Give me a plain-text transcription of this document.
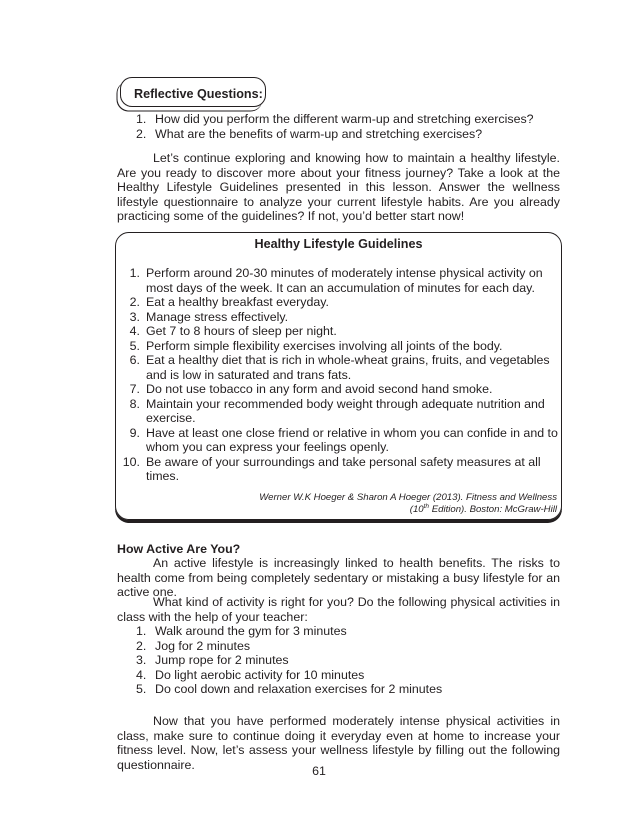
Reflective Questions:
1. How did you perform the different warm-up and stretching exercises?
2. What are the benefits of warm-up and stretching exercises?

Let’s continue exploring and knowing how to maintain a healthy lifestyle. Are you ready to discover more about your fitness journey? Take a look at the Healthy Lifestyle Guidelines presented in this lesson. Answer the wellness lifestyle questionnaire to analyze your current lifestyle habits. Are you already practicing some of the guidelines? If not, you’d better start now!

Healthy Lifestyle Guidelines
1. Perform around 20-30 minutes of moderately intense physical activity on most days of the week. It can an accumulation of minutes for each day.
2. Eat a healthy breakfast everyday.
3. Manage stress effectively.
4. Get 7 to 8 hours of sleep per night.
5. Perform simple flexibility exercises involving all joints of the body.
6. Eat a healthy diet that is rich in whole-wheat grains, fruits, and vegetables and is low in saturated and trans fats.
7. Do not use tobacco in any form and avoid second hand smoke.
8. Maintain your recommended body weight through adequate nutrition and exercise.
9. Have at least one close friend or relative in whom you can confide in and to whom you can express your feelings openly.
10. Be aware of your surroundings and take personal safety measures at all times.
Werner W.K Hoeger & Sharon A Hoeger (2013). Fitness and Wellness
(10th Edition). Boston: McGraw-Hill
How Active Are You?

An active lifestyle is increasingly linked to health benefits. The risks to health come from being completely sedentary or mistaking a busy lifestyle for an active one.

What kind of activity is right for you? Do the following physical activities in class with the help of your teacher:

1. Walk around the gym for 3 minutes
2. Jog for 2 minutes
3. Jump rope for 2 minutes
4. Do light aerobic activity for 10 minutes
5. Do cool down and relaxation exercises for 2 minutes

Now that you have performed moderately intense physical activities in class, make sure to continue doing it everyday even at home to increase your fitness level. Now, let’s assess your wellness lifestyle by filling out the following questionnaire.	61
